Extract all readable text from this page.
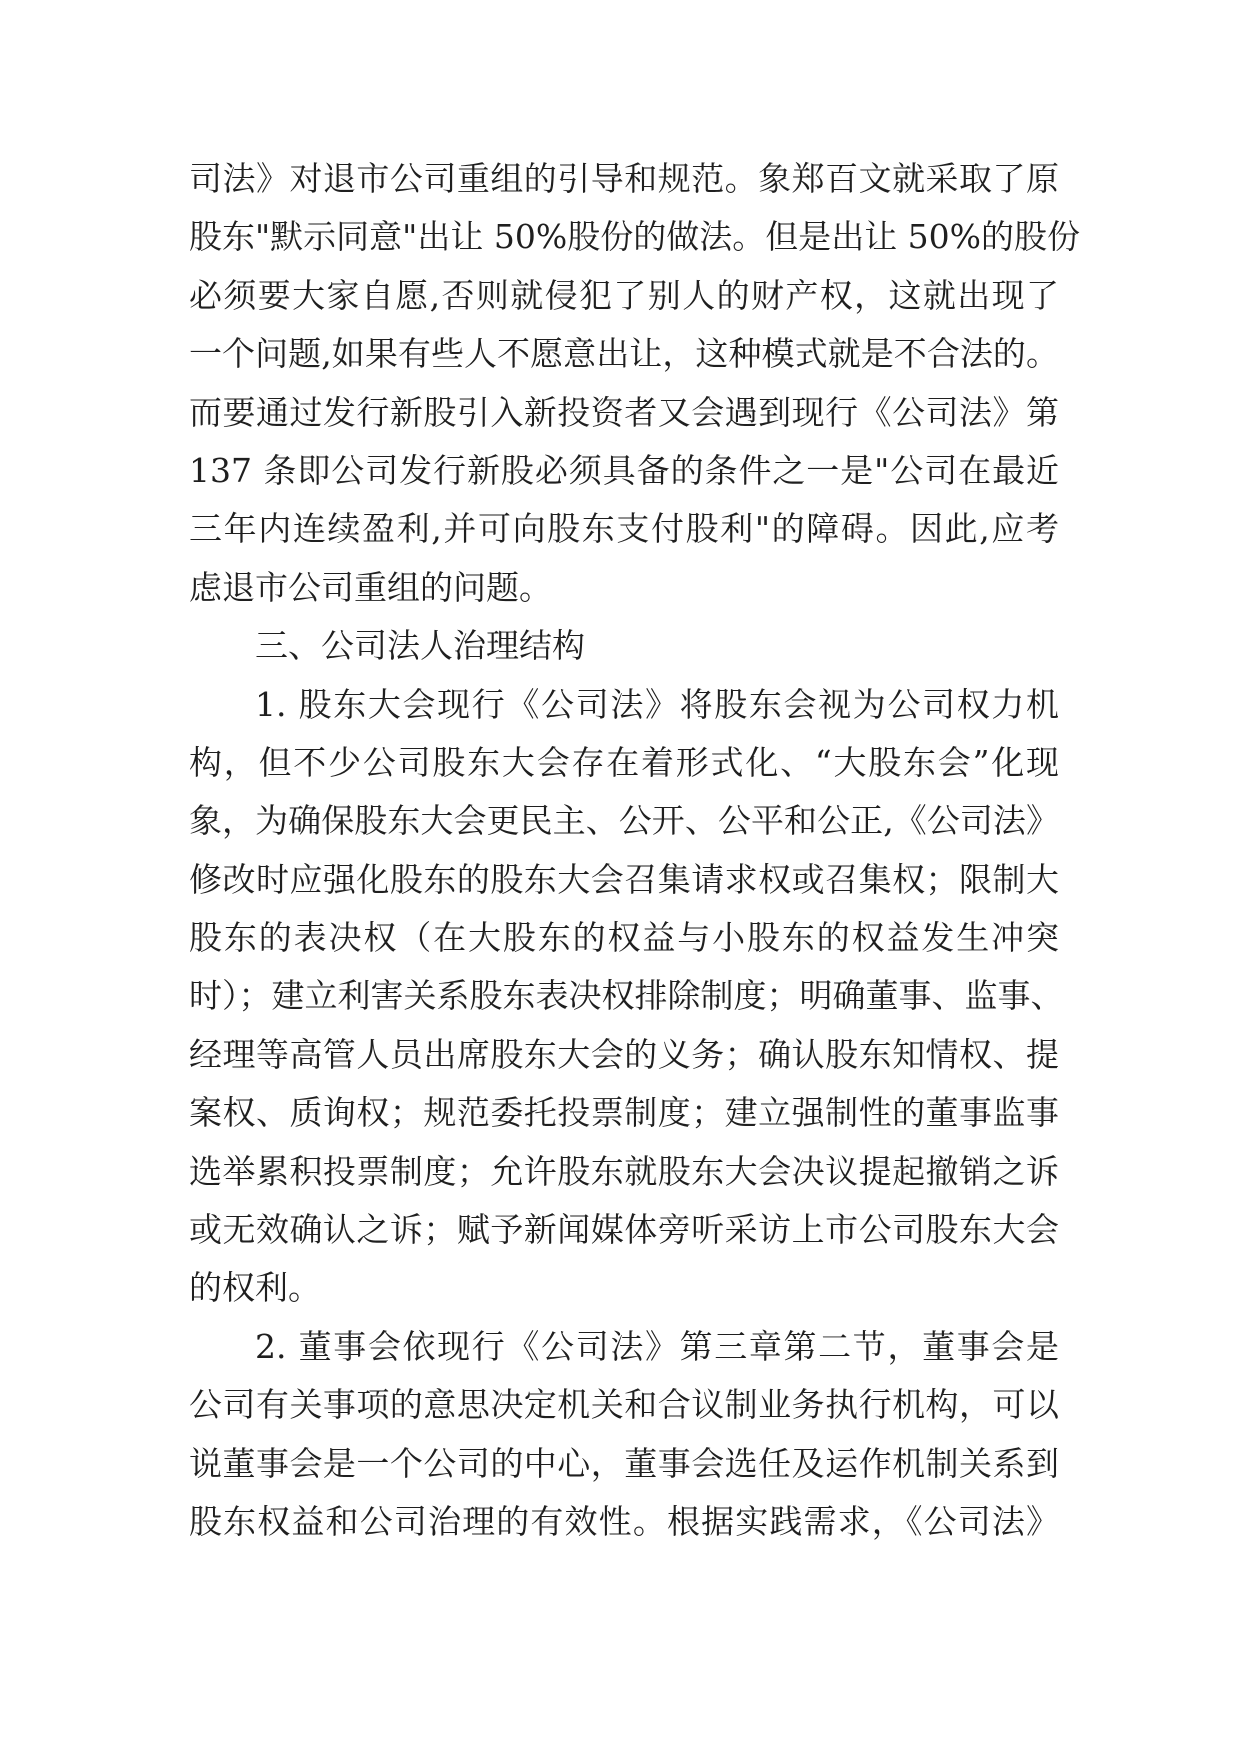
司法》对退市公司重组的引导和规范。象郑百文就采取了原
股东"默示同意"出让 50%股份的做法。但是出让 50%的股份
必须要大家自愿,否则就侵犯了别人的财产权，这就出现了
一个问题,如果有些人不愿意出让，这种模式就是不合法的。
而要通过发行新股引入新投资者又会遇到现行《公司法》第
137 条即公司发行新股必须具备的条件之一是"公司在最近
三年内连续盈利,并可向股东支付股利"的障碍。因此,应考
虑退市公司重组的问题。
三、公司法人治理结构
1. 股东大会现行《公司法》将股东会视为公司权力机
构，但不少公司股东大会存在着形式化、“大股东会”化现
象，为确保股东大会更民主、公开、公平和公正,《公司法》
修改时应强化股东的股东大会召集请求权或召集权；限制大
股东的表决权（在大股东的权益与小股东的权益发生冲突
时）；建立利害关系股东表决权排除制度；明确董事、监事、
经理等高管人员出席股东大会的义务；确认股东知情权、提
案权、质询权；规范委托投票制度；建立强制性的董事监事
选举累积投票制度；允许股东就股东大会决议提起撤销之诉
或无效确认之诉；赋予新闻媒体旁听采访上市公司股东大会
的权利。
2. 董事会依现行《公司法》第三章第二节，董事会是
公司有关事项的意思决定机关和合议制业务执行机构，可以
说董事会是一个公司的中心，董事会选任及运作机制关系到
股东权益和公司治理的有效性。根据实践需求，《公司法》
